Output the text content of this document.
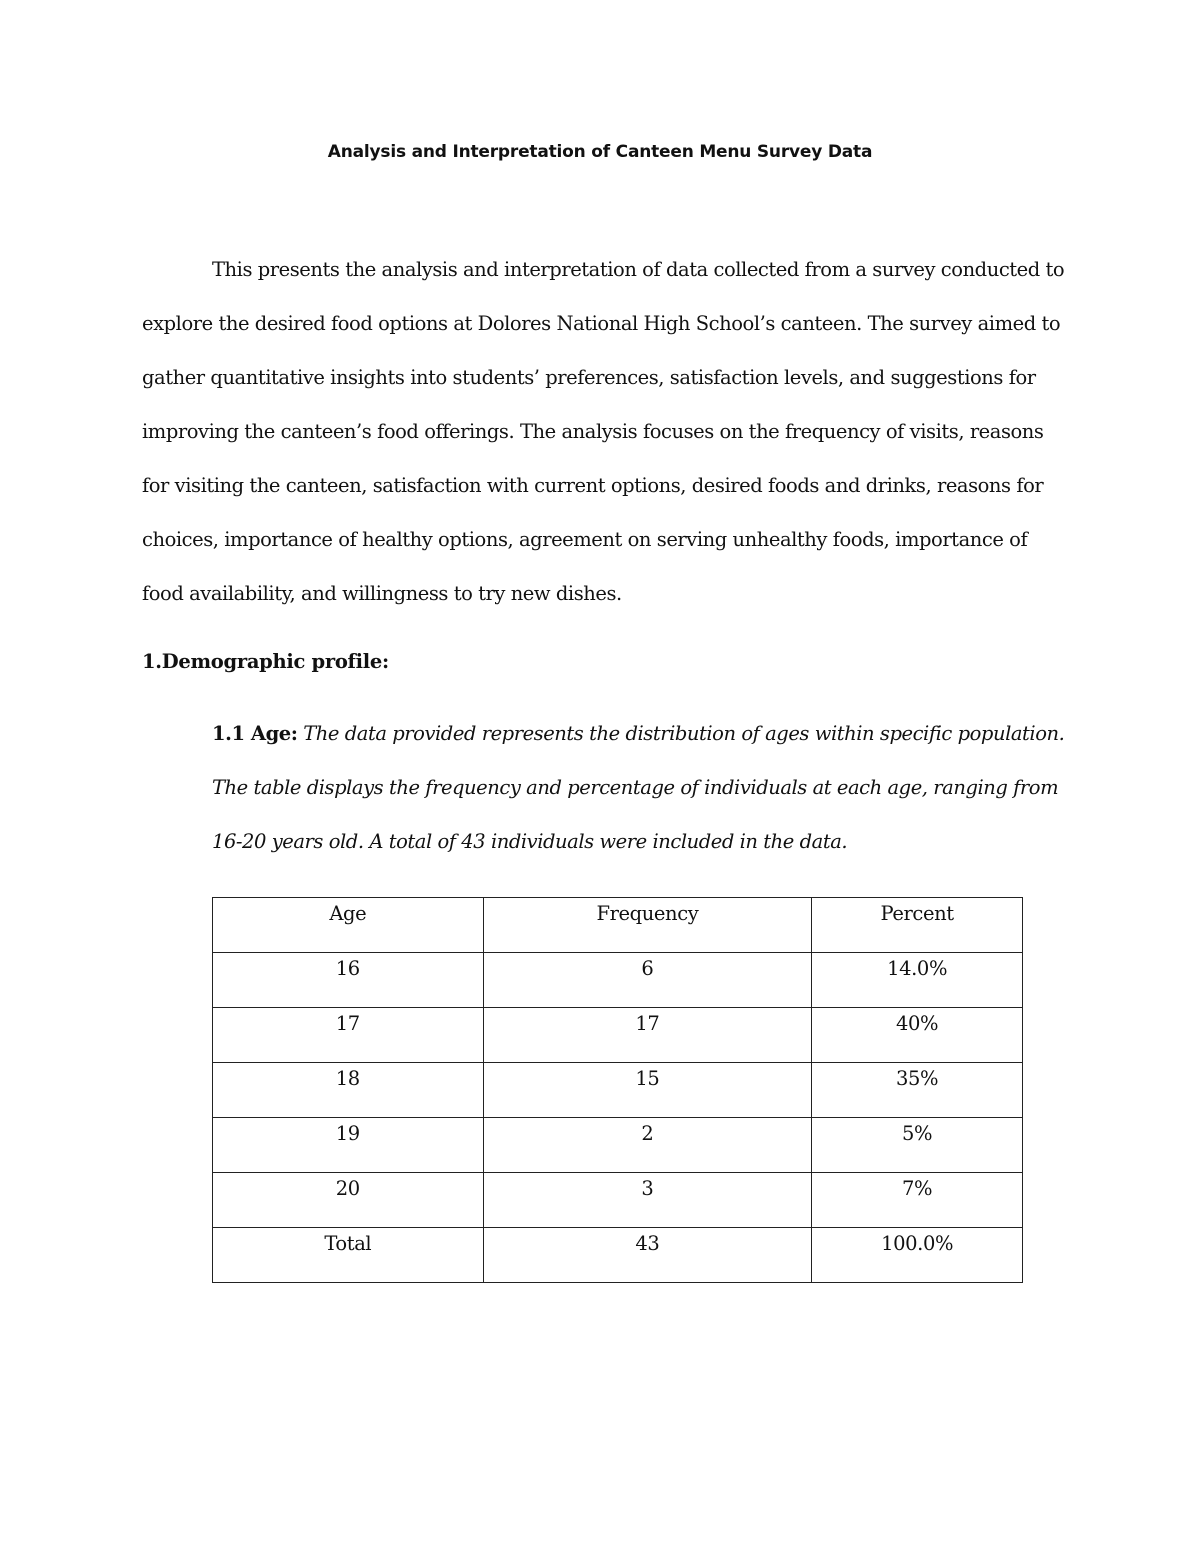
Analysis and Interpretation of Canteen Menu Survey Data
This presents the analysis and interpretation of data collected from a survey conducted to
explore the desired food options at Dolores National High School’s canteen. The survey aimed to
gather quantitative insights into students’ preferences, satisfaction levels, and suggestions for
improving the canteen’s food offerings. The analysis focuses on the frequency of visits, reasons
for visiting the canteen, satisfaction with current options, desired foods and drinks, reasons for
choices, importance of healthy options, agreement on serving unhealthy foods, importance of
food availability, and willingness to try new dishes.
1.Demographic profile:
1.1 Age: The data provided represents the distribution of ages within specific population.
The table displays the frequency and percentage of individuals at each age, ranging from
16-20 years old. A total of 43 individuals were included in the data.
Age	Frequency	Percent
16	6	14.0%
17	17	40%
18	15	35%
19	2	5%
20	3	7%
Total	43	100.0%
